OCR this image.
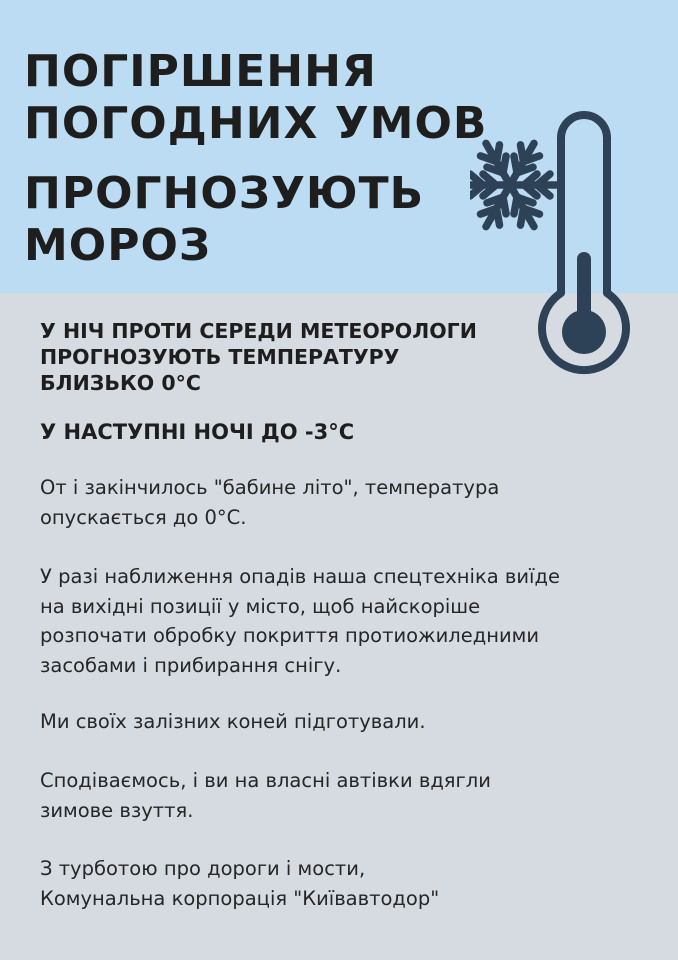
ПОГІРШЕННЯ
ПОГОДНИХ УМОВ
ПРОГНОЗУЮТЬ
МОРОЗ
У НІЧ ПРОТИ СЕРЕДИ МЕТЕОРОЛОГИ
ПРОГНОЗУЮТЬ ТЕМПЕРАТУРУ
БЛИЗЬКО 0°C
У НАСТУПНІ НОЧІ ДО -3°C

От і закінчилось "бабине літо", температура
опускається до 0°C.

У разі наближення опадів наша спецтехніка виїде
на вихідні позиції у місто, щоб найскоріше
розпочати обробку покриття протиожиледними
засобами і прибирання снігу.

Ми своїх залізних коней підготували.

Сподіваємось, і ви на власні автівки вдягли
зимове взуття.

З турботою про дороги і мости,
Комунальна корпорація "Київавтодор"
